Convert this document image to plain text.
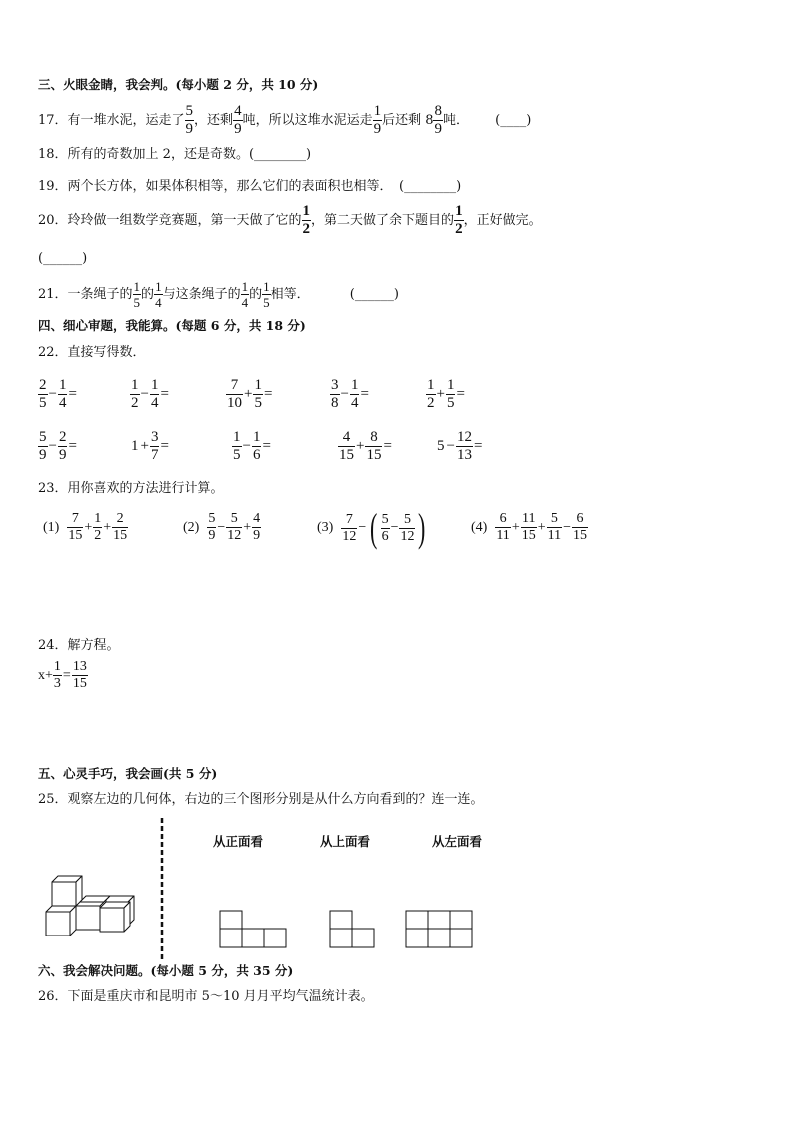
三、火眼金睛，我会判。(每小题 2 分，共 10 分)
17．有一堆水泥，运走了 $\frac{5}{9}$ ，还剩 $\frac{4}{9}$ 吨，所以这堆水泥运走 $\frac{1}{9}$ 后还剩 $8 \frac{8}{9}$ 吨． (____)
18．所有的奇数加上 2，还是奇数。(________)
19．两个长方体，如果体积相等，那么它们的表面积也相等．　(________)
20．玲玲做一组数学竞赛题，第一天做了它的 $\frac{1}{2}$ ，第二天做了余下题目的 $\frac{1}{2}$ ，正好做完。
(______)
21．一条绳子的 $\frac{1}{5}$ 的 $\frac{1}{4}$ 与这条绳子的 $\frac{1}{4}$ 的 $\frac{1}{5}$ 相等．	(______)
四、细心审题，我能算。(每题 6 分，共 18 分)
22．直接写得数．
$\frac{2}{5} - \frac{1}{4}$ =	$\frac{1}{2} - \frac{1}{4}$ =	$\frac{7}{10} + \frac{1}{5}$ =	$\frac{3}{8} - \frac{1}{4}$ =	$\frac{1}{2} + \frac{1}{5}$ =
$\frac{5}{9} - \frac{2}{9}$ =	$1 + \frac{3}{7}$ =	$\frac{1}{5} - \frac{1}{6}$ =	$\frac{4}{15} + \frac{8}{15}$ =	$5 - \frac{12}{13}$ =
23．用你喜欢的方法进行计算。
$(1) \frac{7}{15} + \frac{1}{2} + \frac{2}{15}$	$(2) \frac{5}{9} - \frac{5}{12} + \frac{4}{9}$	$(3) \frac{7}{12}$ −( $\frac{5}{6} - \frac{5}{12}$ )	$(4) \frac{6}{11} + \frac{11}{15} + \frac{5}{11} - \frac{6}{15}$
24．解方程。
$x+ \frac{1}{3} = \frac{13}{15}$
五、心灵手巧，我会画(共 5 分)
25．观察左边的几何体，右边的三个图形分别是从什么方向看到的？连一连。
从正面看	从上面看	从左面看
六、我会解决问题。(每小题 5 分，共 35 分)
26．下面是重庆市和昆明市 5～10 月月平均气温统计表。
